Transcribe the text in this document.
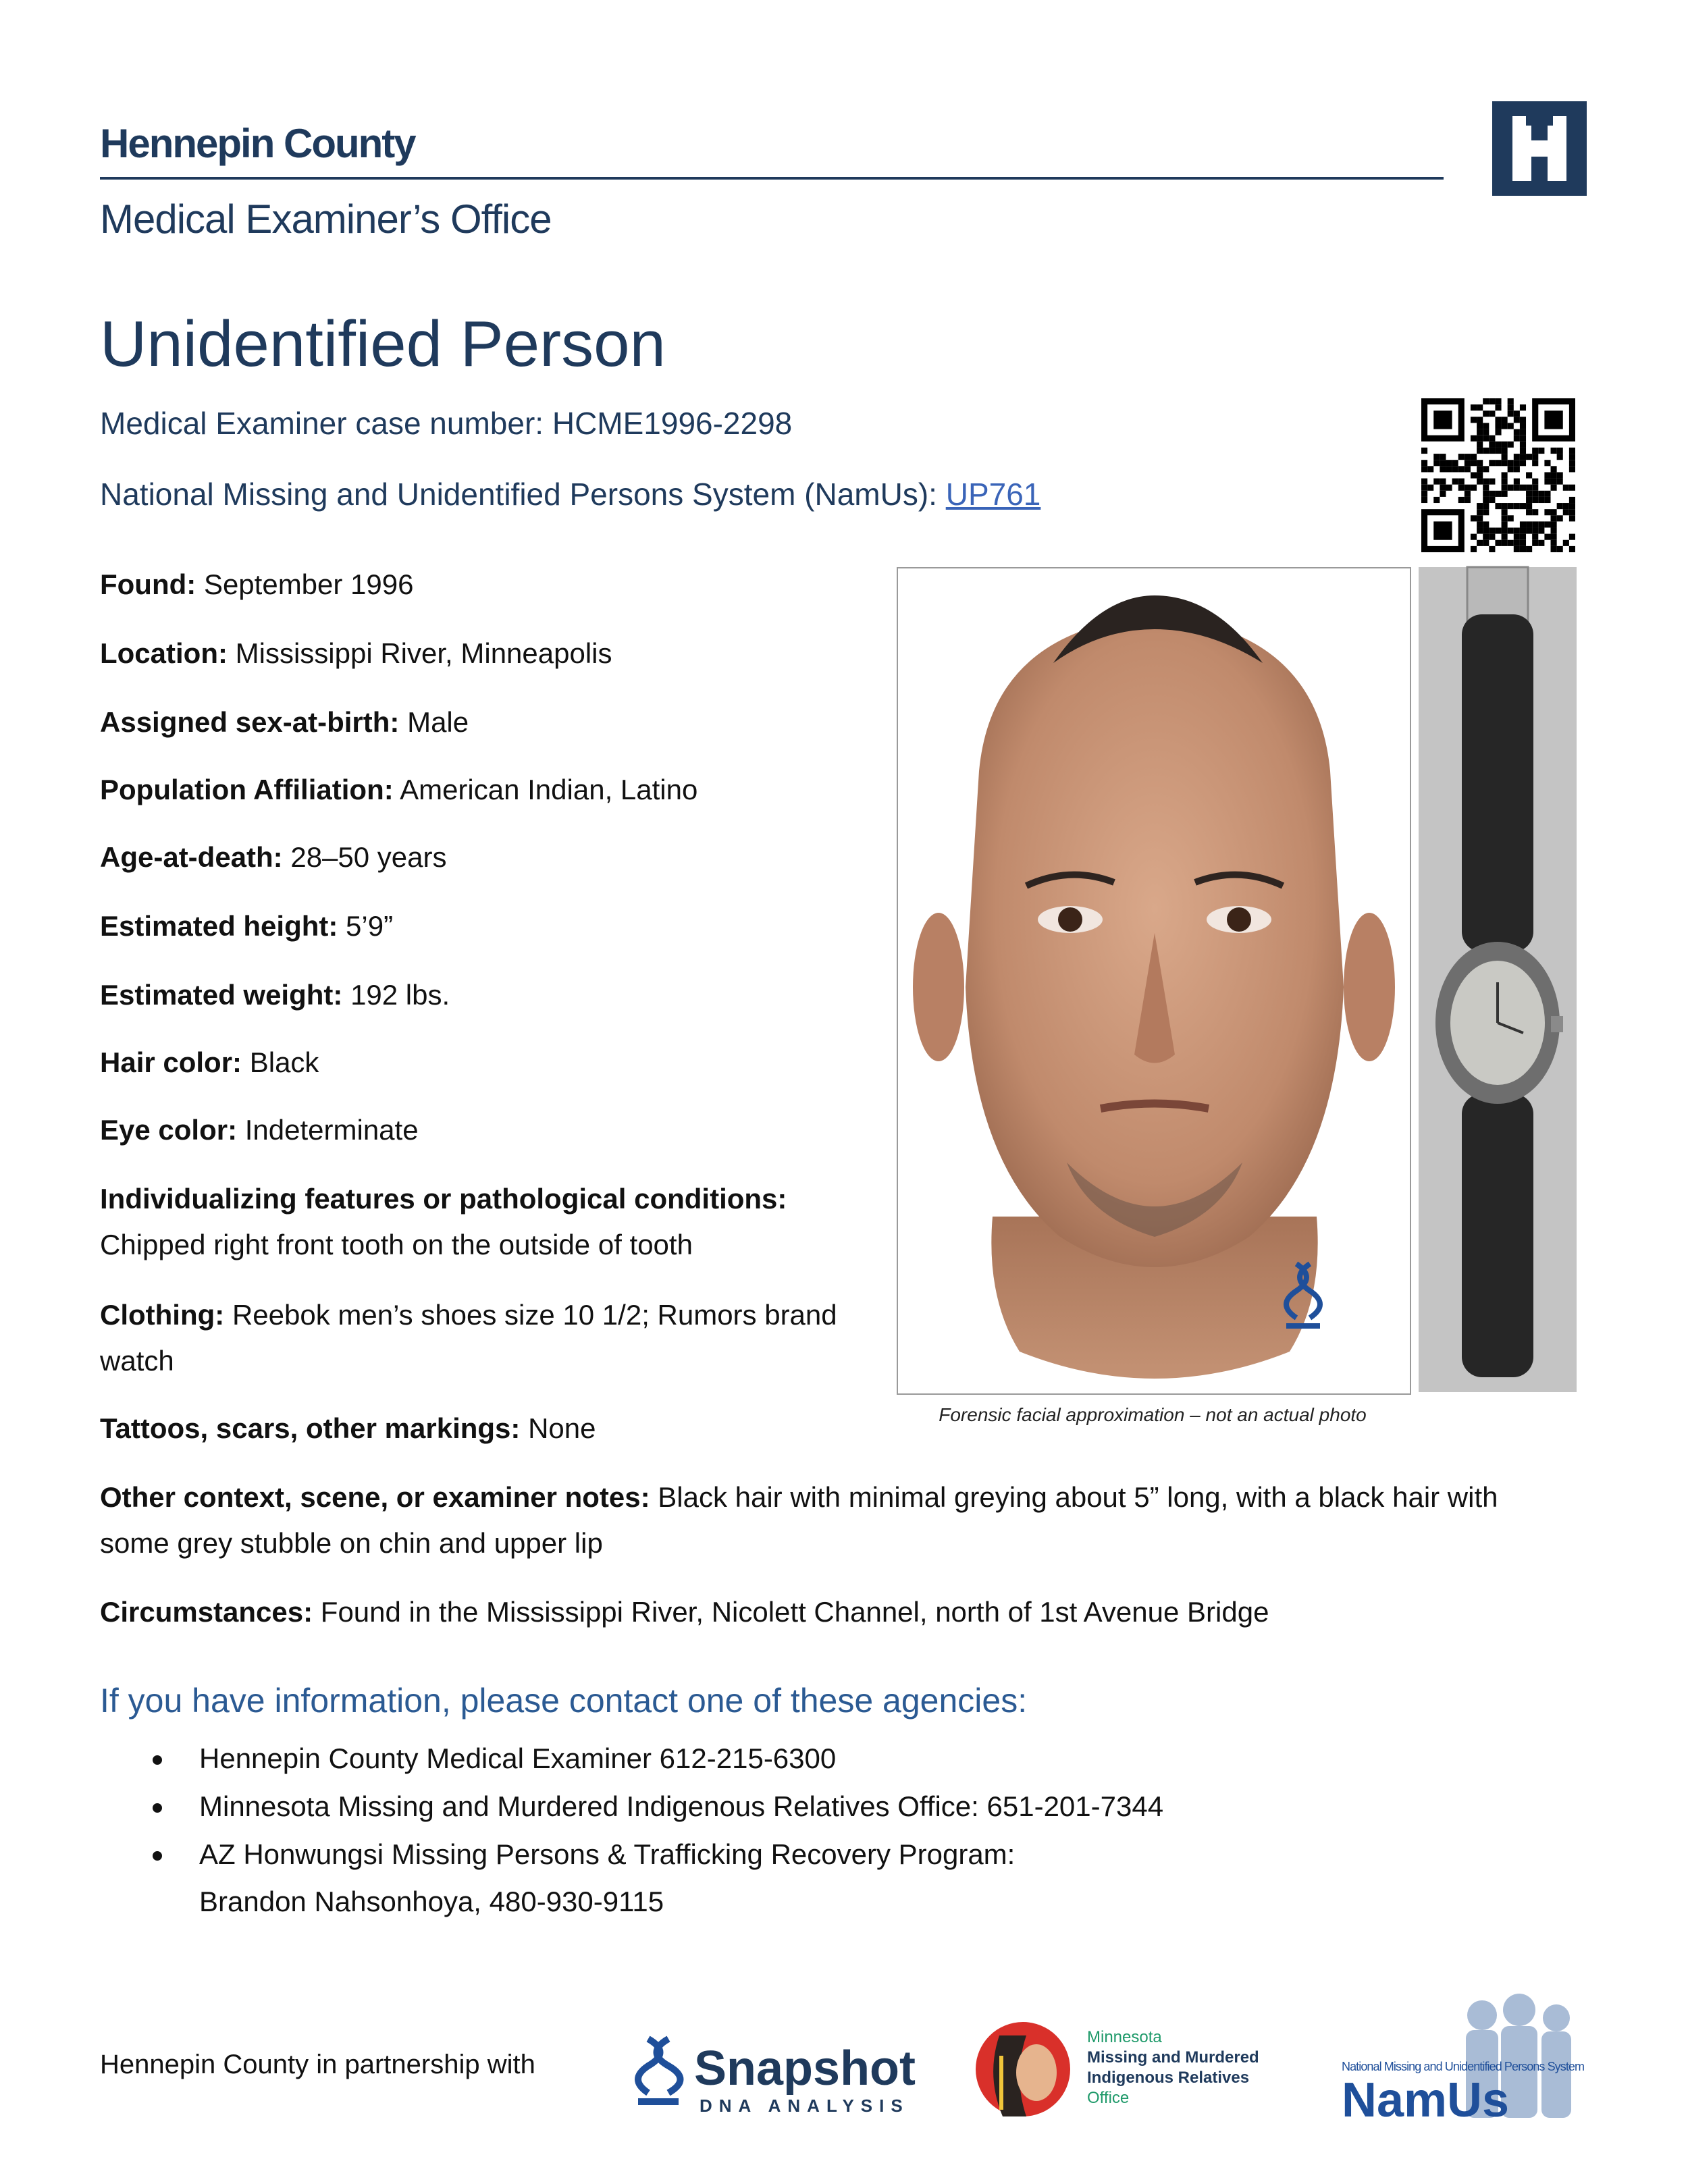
Hennepin County
Medical Examiner’s Office
Unidentified Person
Medical Examiner case number: HCME1996-2298
National Missing and Unidentified Persons System (NamUs): UP761
Found: September 1996
Location: Mississippi River, Minneapolis
Assigned sex-at-birth: Male
Population Affiliation: American Indian, Latino
Age-at-death: 28–50 years
Estimated height: 5’9”
Estimated weight: 192 lbs.
Hair color: Black
Eye color: Indeterminate
Individualizing features or pathological conditions:
Chipped right front tooth on the outside of tooth
Clothing: Reebok men’s shoes size 10 1/2; Rumors brand watch
Tattoos, scars, other markings: None
Other context, scene, or examiner notes: Black hair with minimal greying about 5” long, with a black hair with some grey stubble on chin and upper lip
Circumstances: Found in the Mississippi River, Nicolett Channel, north of 1st Avenue Bridge
Forensic facial approximation – not an actual photo
If you have information, please contact one of these agencies:
Hennepin County Medical Examiner 612-215-6300
Minnesota Missing and Murdered Indigenous Relatives Office: 651-201-7344
AZ Honwungsi Missing Persons & Trafficking Recovery Program:
Brandon Nahsonhoya, 480-930-9115
Hennepin County in partnership with	Snapshot
DNA ANALYSIS
Minnesota
Missing and Murdered
Indigenous Relatives
Office
National Missing and Unidentified Persons System
NamUs
